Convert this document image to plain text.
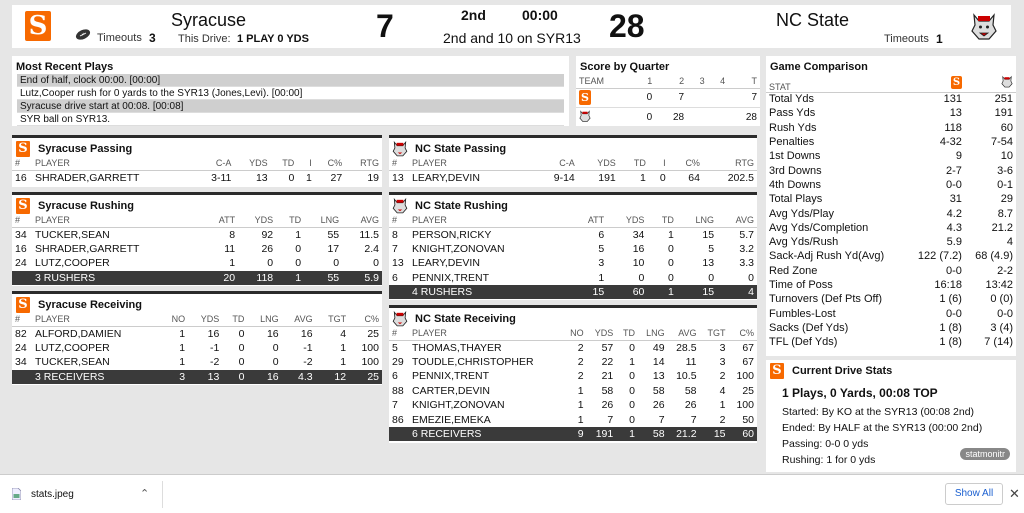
S	Timeouts 3
Syracuse
This Drive: 1 PLAY 0 YDS 7	2nd	00:00
2nd and 10 on SYR13 28	NC State
Timeouts 1
Most Recent Plays
End of half, clock 00:00. [00:00]
Lutz,Cooper rush for 0 yards to the SYR13 (Jones,Levi). [00:00]
Syracuse drive start at 00:08. [00:08]
SYR ball on SYR13.
Score by Quarter
TEAM	1	2	3	4	T

S	0	7			7
	0	28			28
S Syracuse Passing
#	PLAYER	C-A	YDS	TD	I	C%	RTG
16	SHRADER,GARRETT	3-11	13	0	1	27	19
S Syracuse Rushing
#	PLAYER	ATT	YDS	TD	LNG	AVG
34	TUCKER,SEAN	8	92	1	55	11.5
16	SHRADER,GARRETT	11	26	0	17	2.4
24	LUTZ,COOPER	1	0	0	0	0
	3 RUSHERS	20	118	1	55	5.9
S Syracuse Receiving
#	PLAYER	NO	YDS	TD	LNG	AVG	TGT	C%
82	ALFORD,DAMIEN	1	16	0	16	16	4	25
24	LUTZ,COOPER	1	-1	0	0	-1	1	100
34	TUCKER,SEAN	1	-2	0	0	-2	1	100
	3 RECEIVERS	3	13	0	16	4.3	12	25
NC State Passing
#	PLAYER	C-A	YDS	TD	I	C%	RTG
13	LEARY,DEVIN	9-14	191	1	0	64	202.5
NC State Rushing
#	PLAYER	ATT	YDS	TD	LNG	AVG
8	PERSON,RICKY	6	34	1	15	5.7
7	KNIGHT,ZONOVAN	5	16	0	5	3.2
13	LEARY,DEVIN	3	10	0	13	3.3
6	PENNIX,TRENT	1	0	0	0	0
	4 RUSHERS	15	60	1	15	4
NC State Receiving
#	PLAYER	NO	YDS	TD	LNG	AVG	TGT	C%
5	THOMAS,THAYER	2	57	0	49	28.5	3	67
29	TOUDLE,CHRISTOPHER	2	22	1	14	11	3	67
6	PENNIX,TRENT	2	21	0	13	10.5	2	100
88	CARTER,DEVIN	1	58	0	58	58	4	25
7	KNIGHT,ZONOVAN	1	26	0	26	26	1	100
86	EMEZIE,EMEKA	1	7	0	7	7	2	50
	6 RECEIVERS	9	191	1	58	21.2	15	60
Game Comparison
STAT	S	
Total Yds	131	251
Pass Yds	13	191
Rush Yds	118	60
Penalties	4-32	7-54
1st Downs	9	10
3rd Downs	2-7	3-6
4th Downs	0-0	0-1
Total Plays	31	29
Avg Yds/Play	4.2	8.7
Avg Yds/Completion	4.3	21.2
Avg Yds/Rush	5.9	4
Sack-Adj Rush Yd(Avg)	122 (7.2)	68 (4.9)
Red Zone	0-0	2-2
Time of Poss	16:18	13:42
Turnovers (Def Pts Off)	1 (6)	0 (0)
Fumbles-Lost	0-0	0-0
Sacks (Def Yds)	1 (8)	3 (4)
TFL (Def Yds)	1 (8)	7 (14)
S Current Drive Stats
1 Plays, 0 Yards, 00:08 TOP
Started: By KO at the SYR13 (00:08 2nd)
Ended: By HALF at the SYR13 (00:00 2nd)
Passing: 0-0 0 yds
Rushing: 1 for 0 yds	statmonitr
stats.jpeg	⌃	Show All	✕
